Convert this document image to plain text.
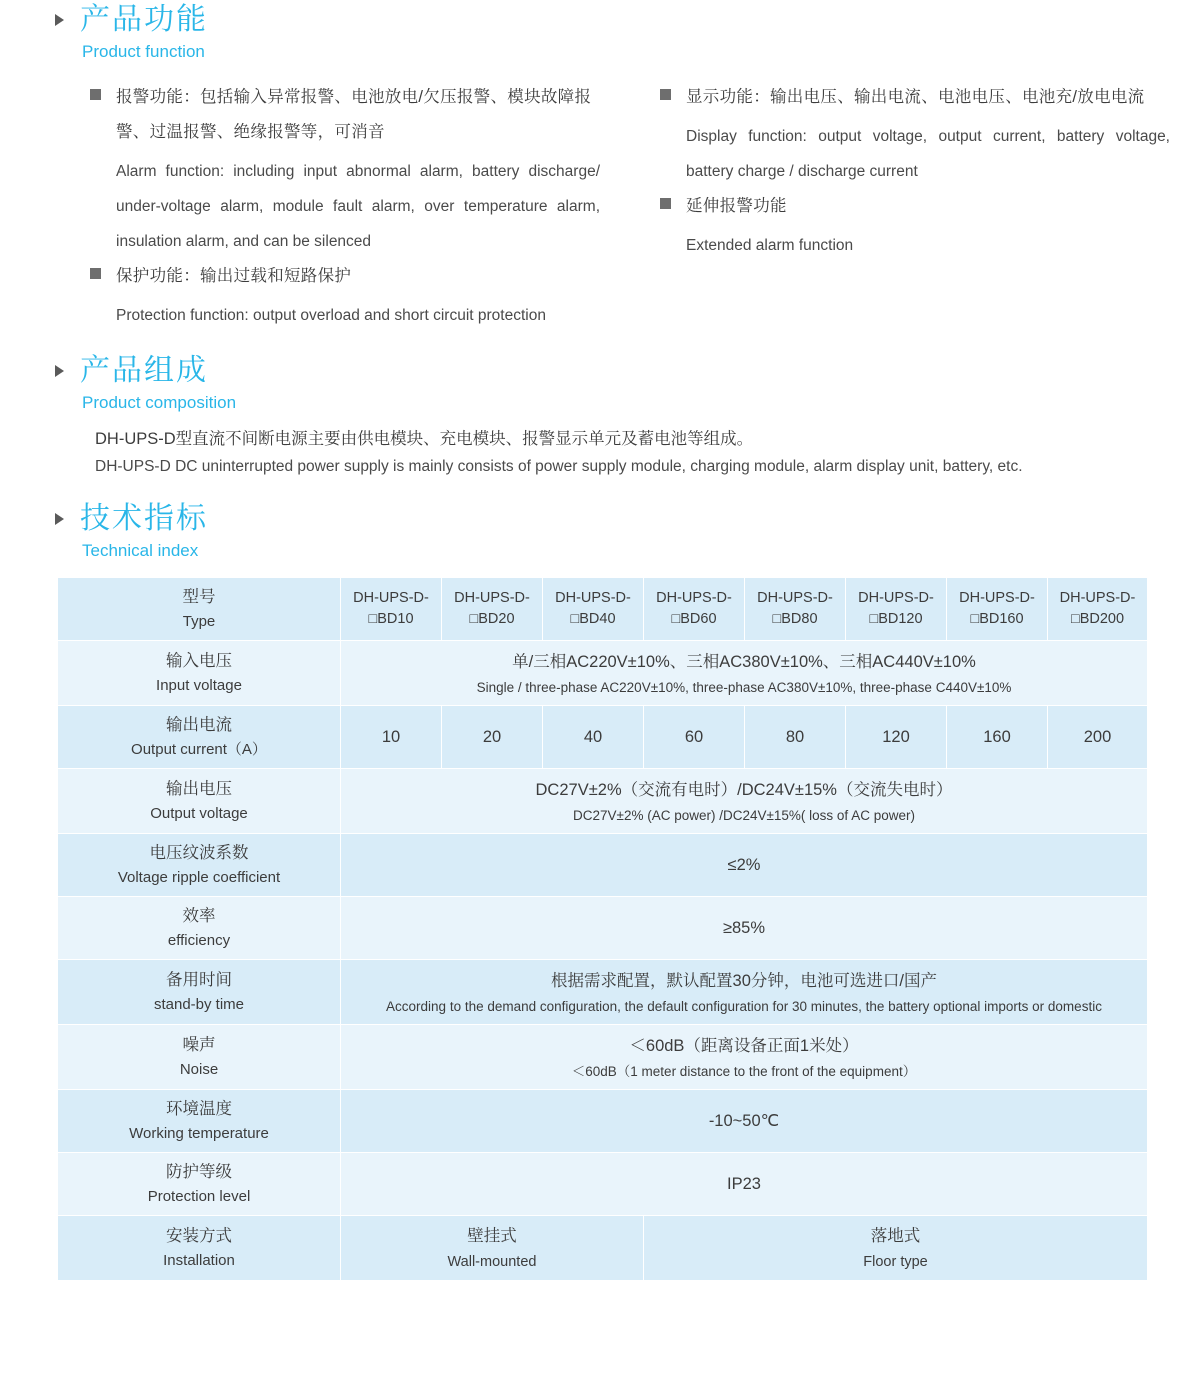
产品功能

Product function

报警功能：包括输入异常报警、电池放电/欠压报警、模块故障报警、过温报警、绝缘报警等，可消音
Alarm function: including input abnormal alarm, battery discharge/ under-voltage alarm, module fault alarm, over temperature alarm, insulation alarm, and can be silenced
保护功能：输出过载和短路保护
Protection function: output overload and short circuit protection
显示功能：输出电压、输出电流、电池电压、电池充/放电电流
Display function: output voltage, output current, battery voltage, battery charge / discharge current
延伸报警功能
Extended alarm function
产品组成

Product composition

DH-UPS-D型直流不间断电源主要由供电模块、充电模块、报警显示单元及蓄电池等组成。
DH-UPS-D DC uninterrupted power supply is mainly consists of power supply module, charging module, alarm display unit, battery, etc.
技术指标

Technical index

型号
Type	DH-UPS-D-□BD10	DH-UPS-D-□BD20	DH-UPS-D-□BD40	DH-UPS-D-□BD60	DH-UPS-D-□BD80	DH-UPS-D-□BD120	DH-UPS-D-□BD160	DH-UPS-D-□BD200

输入电压
Input voltage	单/三相AC220V±10%、三相AC380V±10%、三相AC440V±10%
Single / three-phase AC220V±10%, three-phase AC380V±10%, three-phase C440V±10%							

输出电流
Output current（A）	10	20	40	60	80	120	160	200

输出电压
Output voltage	DC27V±2%（交流有电时）/DC24V±15%（交流失电时）
DC27V±2% (AC power) /DC24V±15%( loss of AC power)							

电压纹波系数
Voltage ripple coefficient	≤2%							

效率
efficiency	≥85%							

备用时间
stand-by time	根据需求配置，默认配置30分钟，电池可选进口/国产
According to the demand configuration, the default configuration for 30 minutes, the battery optional imports or domestic							

噪声
Noise	＜60dB（距离设备正面1米处）
＜60dB（1 meter distance to the front of the equipment）							

环境温度
Working temperature	-10~50℃							

防护等级
Protection level	IP23							

安装方式
Installation	壁挂式
Wall-mounted			落地式
Floor type				
